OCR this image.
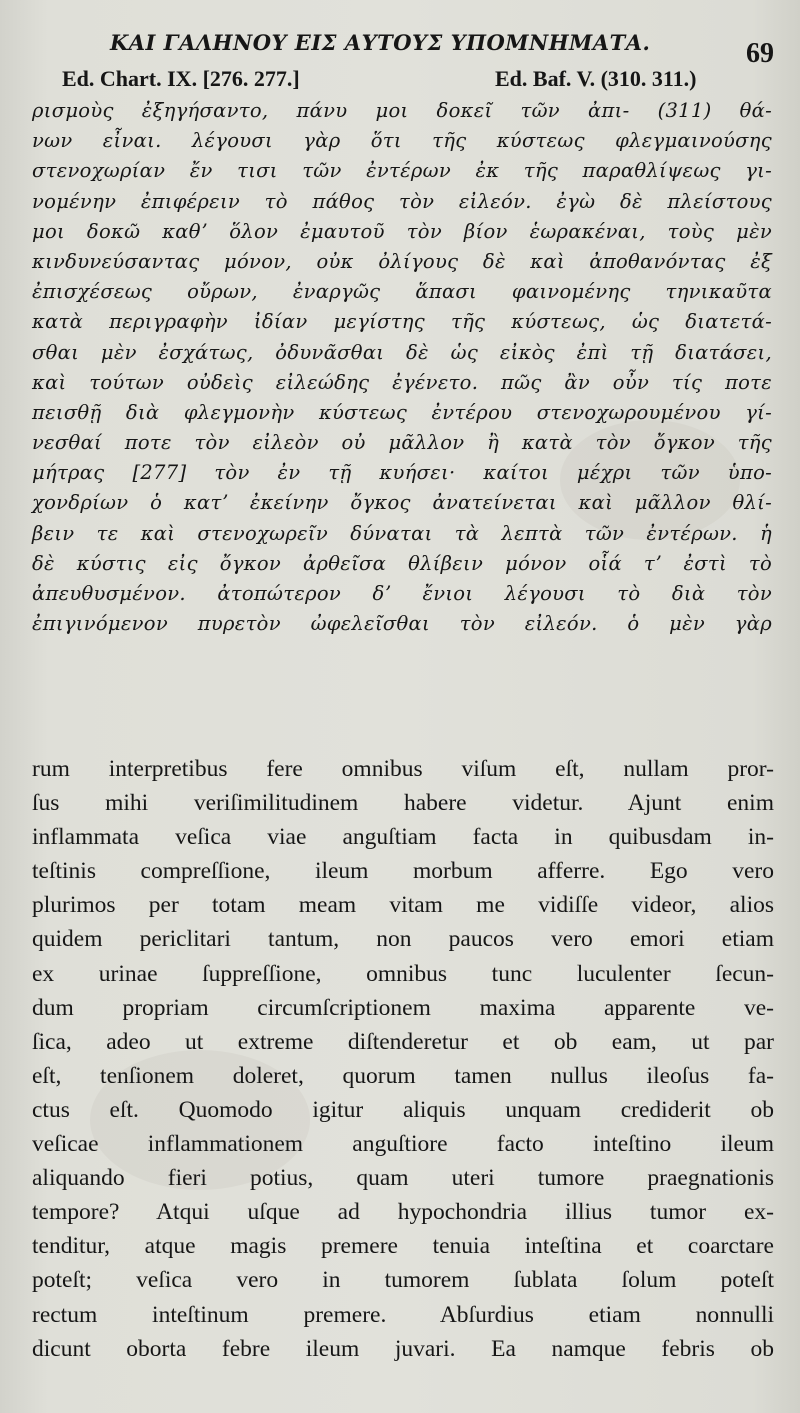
ΚΑΙ ΓΑΛΗΝΟΥ ΕΙΣ ΑΥΤΟΥΣ ΥΠΟΜΝΗΜΑΤΑ.	69
Ed. Chart. IX. [276. 277.]	Ed. Baf. V. (310. 311.)
ρισμοὺς ἐξηγήσαντο, πάνυ μοι δοκεῖ τῶν ἀπι- (311) θά-
νων εἶναι. λέγουσι γὰρ ὅτι τῆς κύστεως φλεγμαινούσης
στενοχωρίαν ἔν τισι τῶν ἐντέρων ἐκ τῆς παραθλίψεως γι-
νομένην ἐπιφέρειν τὸ πάθος τὸν εἰλεόν. ἐγὼ δὲ πλείστους
μοι δοκῶ καθʼ ὅλον ἐμαυτοῦ τὸν βίον ἑωρακέναι, τοὺς μὲν
κινδυνεύσαντας μόνον, οὐκ ὀλίγους δὲ καὶ ἀποθανόντας ἐξ
ἐπισχέσεως οὔρων, ἐναργῶς ἅπασι φαινομένης τηνικαῦτα
κατὰ περιγραφὴν ἰδίαν μεγίστης τῆς κύστεως, ὡς διατετά-
σθαι μὲν ἐσχάτως, ὀδυνᾶσθαι δὲ ὡς εἰκὸς ἐπὶ τῇ διατάσει,
καὶ τούτων οὐδεὶς εἰλεώδης ἐγένετο. πῶς ἂν οὖν τίς ποτε
πεισθῇ διὰ φλεγμονὴν κύστεως ἐντέρου στενοχωρουμένου γί-
νεσθαί ποτε τὸν εἰλεὸν οὐ μᾶλλον ἢ κατὰ τὸν ὄγκον τῆς
μήτρας [277] τὸν ἐν τῇ κυήσει· καίτοι μέχρι τῶν ὑπο-
χονδρίων ὁ κατʼ ἐκείνην ὄγκος ἀνατείνεται καὶ μᾶλλον θλί-
βειν τε καὶ στενοχωρεῖν δύναται τὰ λεπτὰ τῶν ἐντέρων. ἡ
δὲ κύστις εἰς ὄγκον ἀρθεῖσα θλίβειν μόνον οἷά τʼ ἐστὶ τὸ
ἀπευθυσμένον. ἀτοπώτερον δʼ ἔνιοι λέγουσι τὸ διὰ τὸν
ἐπιγινόμενον πυρετὸν ὠφελεῖσθαι τὸν εἰλεόν. ὁ μὲν γὰρ
rum interpretibus fere omnibus viſum eſt, nullam pror-
ſus mihi veriſimilitudinem habere videtur. Ajunt enim
inflammata veſica viae anguſtiam facta in quibusdam in-
teſtinis compreſſione, ileum morbum afferre. Ego vero
plurimos per totam meam vitam me vidiſſe videor, alios
quidem periclitari tantum, non paucos vero emori etiam
ex urinae ſuppreſſione, omnibus tunc luculenter ſecun-
dum propriam circumſcriptionem maxima apparente ve-
ſica, adeo ut extreme diſtenderetur et ob eam, ut par
eſt, tenſionem doleret, quorum tamen nullus ileoſus fa-
ctus eſt. Quomodo igitur aliquis unquam crediderit ob
veſicae inflammationem anguſtiore facto inteſtino ileum
aliquando fieri potius, quam uteri tumore praegnationis
tempore? Atqui uſque ad hypochondria illius tumor ex-
tenditur, atque magis premere tenuia inteſtina et coarctare
poteſt; veſica vero in tumorem ſublata ſolum poteſt
rectum inteſtinum premere. Abſurdius etiam nonnulli
dicunt oborta febre ileum juvari. Ea namque febris ob
